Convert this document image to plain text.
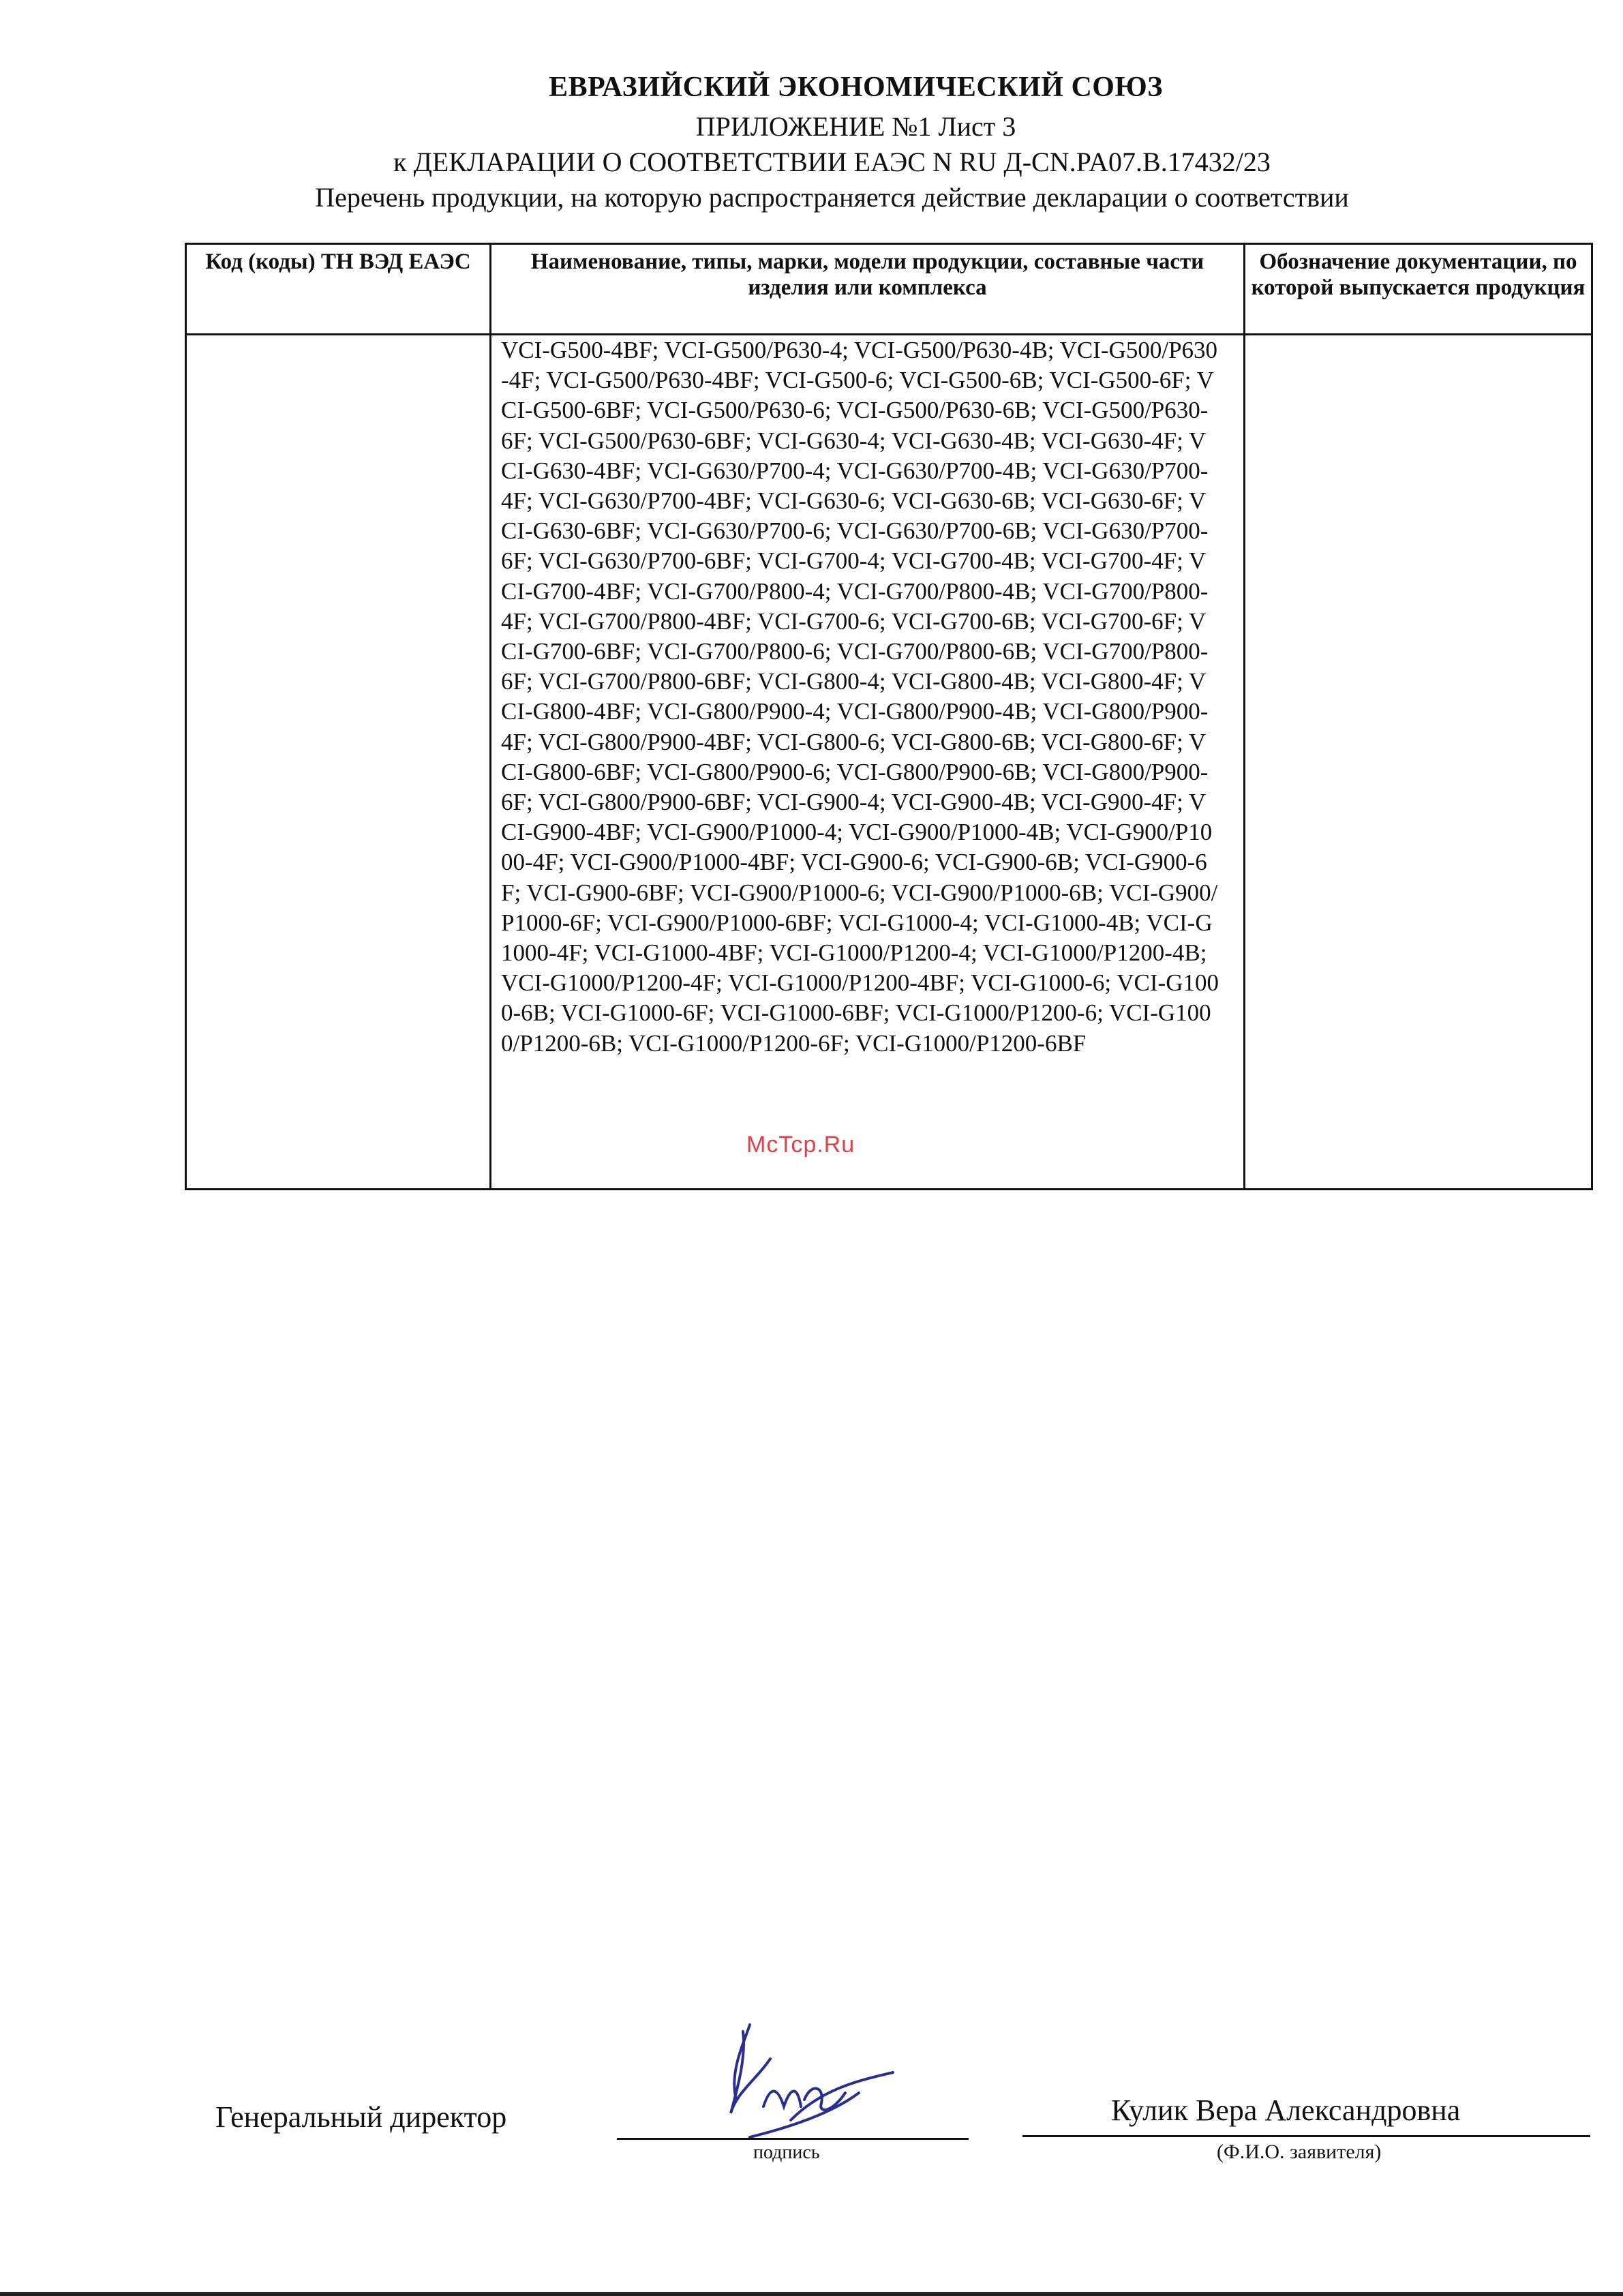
ЕВРАЗИЙСКИЙ ЭКОНОМИЧЕСКИЙ СОЮЗ
ПРИЛОЖЕНИЕ №1 Лист 3
к ДЕКЛАРАЦИИ О СООТВЕТСТВИИ ЕАЭС N RU Д-CN.PA07.B.17432/23
Перечень продукции, на которую распространяется действие декларации о соответствии
Код (коды) ТН ВЭД ЕАЭС	Наименование, типы, марки, модели продукции, составные части изделия или комплекса	Обозначение документации, по которой выпускается продукция
	VCI-G500-4BF; VCI-G500/P630-4; VCI-G500/P630-4B; VCI-G500/P630-4F; VCI-G500/P630-4BF; VCI-G500-6; VCI-G500-6B; VCI-G500-6F; VCI-G500-6BF; VCI-G500/P630-6; VCI-G500/P630-6B; VCI-G500/P630-6F; VCI-G500/P630-6BF; VCI-G630-4; VCI-G630-4B; VCI-G630-4F; VCI-G630-4BF; VCI-G630/P700-4; VCI-G630/P700-4B; VCI-G630/P700-4F; VCI-G630/P700-4BF; VCI-G630-6; VCI-G630-6B; VCI-G630-6F; VCI-G630-6BF; VCI-G630/P700-6; VCI-G630/P700-6B; VCI-G630/P700-6F; VCI-G630/P700-6BF; VCI-G700-4; VCI-G700-4B; VCI-G700-4F; VCI-G700-4BF; VCI-G700/P800-4; VCI-G700/P800-4B; VCI-G700/P800-4F; VCI-G700/P800-4BF; VCI-G700-6; VCI-G700-6B; VCI-G700-6F; VCI-G700-6BF; VCI-G700/P800-6; VCI-G700/P800-6B; VCI-G700/P800-6F; VCI-G700/P800-6BF; VCI-G800-4; VCI-G800-4B; VCI-G800-4F; VCI-G800-4BF; VCI-G800/P900-4; VCI-G800/P900-4B; VCI-G800/P900-4F; VCI-G800/P900-4BF; VCI-G800-6; VCI-G800-6B; VCI-G800-6F; VCI-G800-6BF; VCI-G800/P900-6; VCI-G800/P900-6B; VCI-G800/P900-6F; VCI-G800/P900-6BF; VCI-G900-4; VCI-G900-4B; VCI-G900-4F; VCI-G900-4BF; VCI-G900/P1000-4; VCI-G900/P1000-4B; VCI-G900/P1000-4F; VCI-G900/P1000-4BF; VCI-G900-6; VCI-G900-6B; VCI-G900-6F; VCI-G900-6BF; VCI-G900/P1000-6; VCI-G900/P1000-6B; VCI-G900/P1000-6F; VCI-G900/P1000-6BF; VCI-G1000-4; VCI-G1000-4B; VCI-G1000-4F; VCI-G1000-4BF; VCI-G1000/P1200-4; VCI-G1000/P1200-4B; VCI-G1000/P1200-4F; VCI-G1000/P1200-4BF; VCI-G1000-6; VCI-G1000-6B; VCI-G1000-6F; VCI-G1000-6BF; VCI-G1000/P1200-6; VCI-G1000/P1200-6B; VCI-G1000/P1200-6F; VCI-G1000/P1200-6BF	
McTcp.Ru
Генеральный директор
подпись
Кулик Вера Александровна
(Ф.И.О. заявителя)
